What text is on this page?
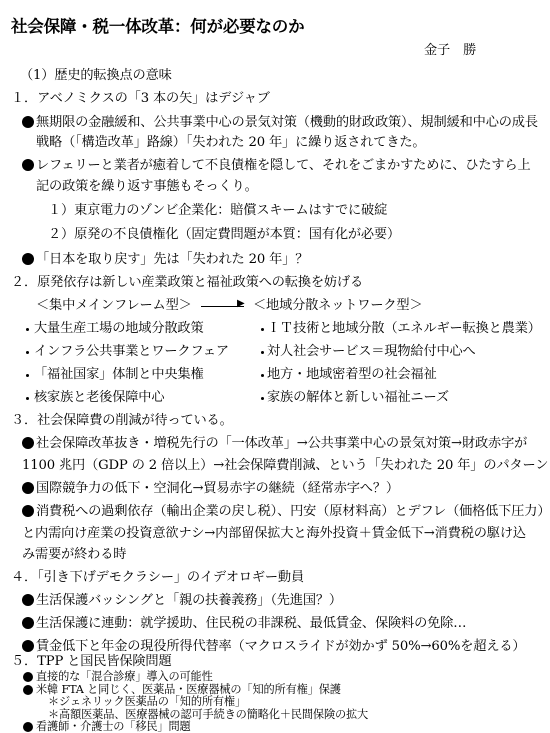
社会保障・税一体改革：何が必要なのか
金子　勝
（1）歴史的転換点の意味
１．アベノミクスの「3 本の矢」はデジャブ
無期限の金融緩和、公共事業中心の景気対策（機動的財政政策）、規制緩和中心の成長
戦略（「構造改革」路線）「失われた 20 年」に繰り返されてきた。
レフェリーと業者が癒着して不良債権を隠して、それをごまかすために、ひたすら上
記の政策を繰り返す事態もそっくり。
１）東京電力のゾンビ企業化：賠償スキームはすでに破綻
２）原発の不良債権化（固定費問題が本質：国有化が必要）
「日本を取り戻す」先は「失われた 20 年」？
２．原発依存は新しい産業政策と福祉政策への転換を妨げる
＜集中メインフレーム型＞	▶ ＜地域分散ネットワーク型＞
大量生産工場の地域分散政策	ＩＴ技術と地域分散（エネルギー転換と農業）
インフラ公共事業とワークフェア	対人社会サービス＝現物給付中心へ
「福祉国家」体制と中央集権	地方・地域密着型の社会福祉
核家族と老後保障中心	家族の解体と新しい福祉ニーズ
３．社会保障費の削減が待っている。
社会保障改革抜き・増税先行の「一体改革」→公共事業中心の景気対策→財政赤字が
1100 兆円（GDP の 2 倍以上）→社会保障費削減、という「失われた 20 年」のパターン
国際競争力の低下・空洞化→貿易赤字の継続（経常赤字へ？）
消費税への過剰依存（輸出企業の戻し税）、円安（原材料高）とデフレ（価格低下圧力）
と内需向け産業の投資意欲ナシ→内部留保拡大と海外投資＋賃金低下→消費税の駆け込
み需要が終わる時
４．「引き下げデモクラシー」のイデオロギー動員
生活保護バッシングと「親の扶養義務」（先進国？）
生活保護に連動：就学援助、住民税の非課税、最低賃金、保険料の免除…
賃金低下と年金の現役所得代替率（マクロスライドが効かず 50%→60%を超える）
５．TPP と国民皆保険問題
直接的な「混合診療」導入の可能性
米韓 FTA と同じく、医薬品・医療器械の「知的所有権」保護
＊ジェネリック医薬品の「知的所有権」
＊高額医薬品、医療器械の認可手続きの簡略化＋民間保険の拡大
看護師・介護士の「移民」問題
